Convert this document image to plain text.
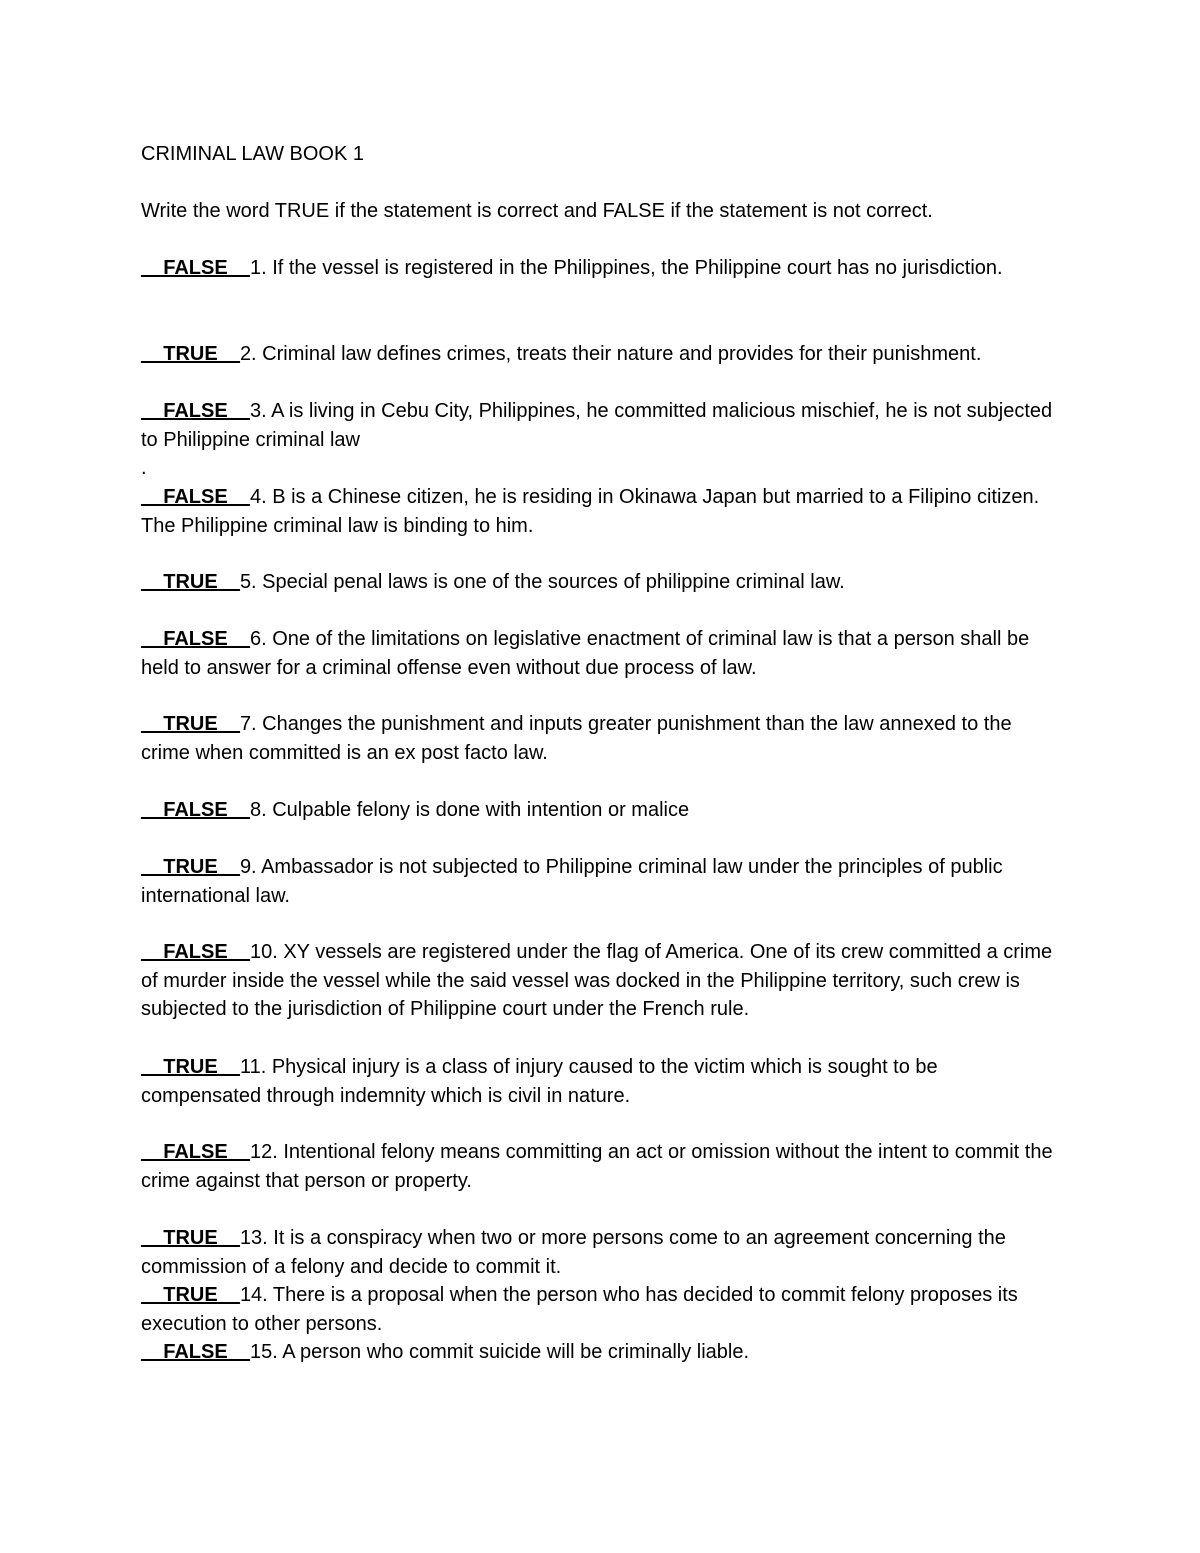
CRIMINAL LAW BOOK 1
Write the word TRUE if the statement is correct and FALSE if the statement is not correct.
__FALSE__1. If the vessel is registered in the Philippines, the Philippine court has no jurisdiction.
__TRUE__2. Criminal law defines crimes, treats their nature and provides for their punishment.
__FALSE__3. A is living in Cebu City, Philippines, he committed malicious mischief, he is not subjected to Philippine criminal law
.
__FALSE__4. B is a Chinese citizen, he is residing in Okinawa Japan but married to a Filipino citizen. The Philippine criminal law is binding to him.
__TRUE__5. Special penal laws is one of the sources of philippine criminal law.
__FALSE__6. One of the limitations on legislative enactment of criminal law is that a person shall be held to answer for a criminal offense even without due process of law.
__TRUE__7. Changes the punishment and inputs greater punishment than the law annexed to the crime when committed is an ex post facto law.
__FALSE__8. Culpable felony is done with intention or malice
__TRUE__9. Ambassador is not subjected to Philippine criminal law under the principles of public international law.
__FALSE__10. XY vessels are registered under the flag of America. One of its crew committed a crime of murder inside the vessel while the said vessel was docked in the Philippine territory, such crew is subjected to the jurisdiction of Philippine court under the French rule.
__TRUE__11. Physical injury is a class of injury caused to the victim which is sought to be compensated through indemnity which is civil in nature.
__FALSE__12. Intentional felony means committing an act or omission without the intent to commit the crime against that person or property.
__TRUE__13. It is a conspiracy when two or more persons come to an agreement concerning the commission of a felony and decide to commit it.
__TRUE__14. There is a proposal when the person who has decided to commit felony proposes its execution to other persons.
__FALSE__15. A person who commit suicide will be criminally liable.
